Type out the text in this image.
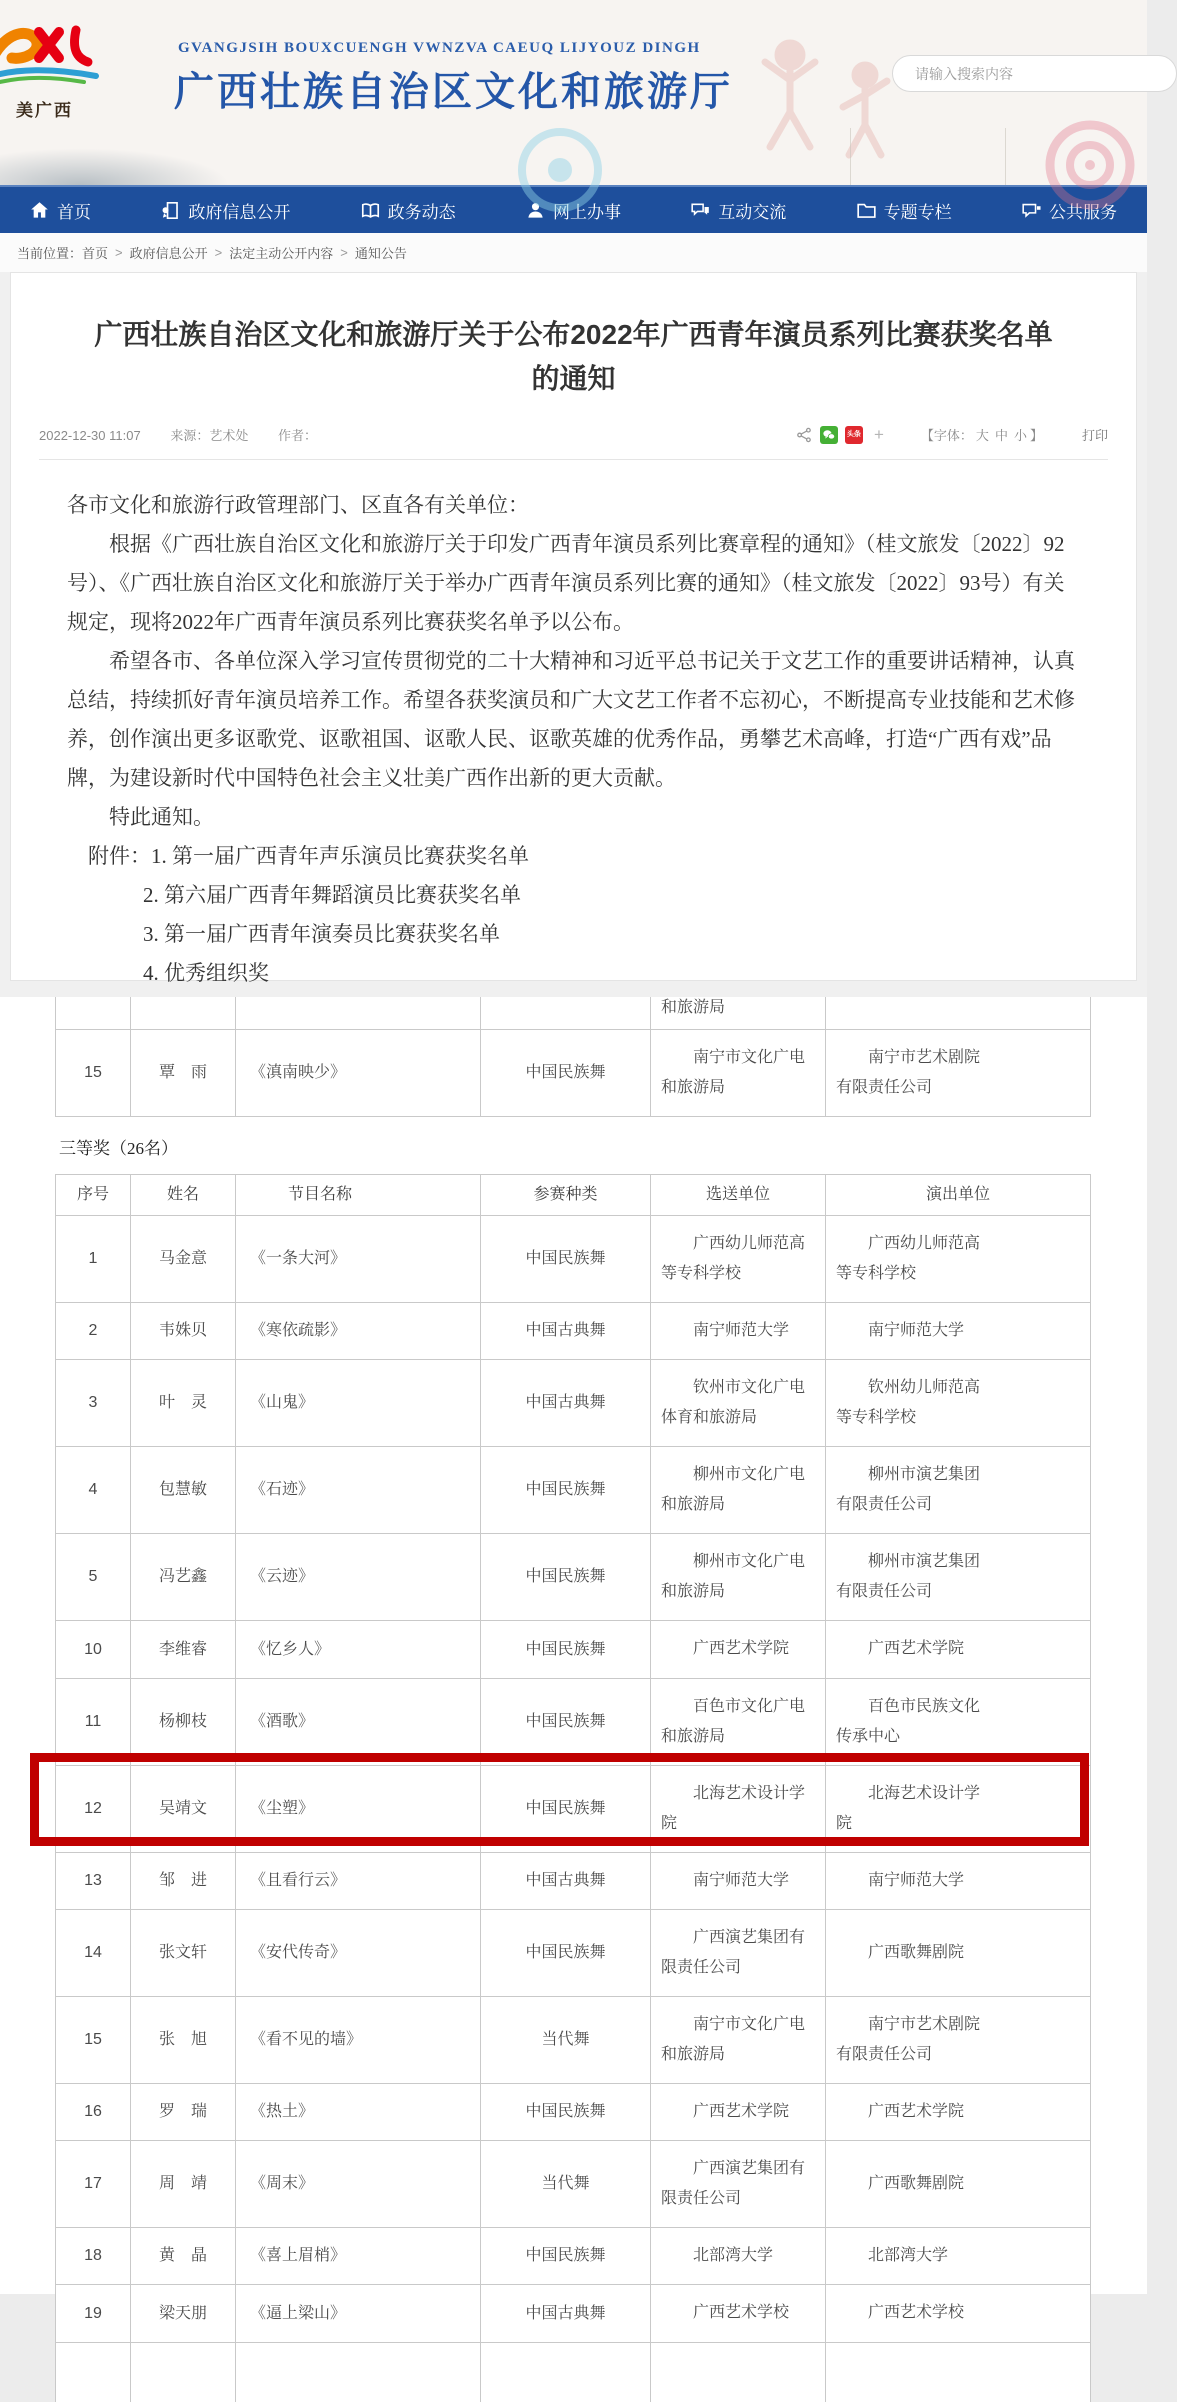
美广西
GVANGJSIH BOUXCUENGH VWNZVA CAEUQ LIJYOUZ DINGH
广西壮族自治区文化和旅游厅
请输入搜索内容
首页	政府信息公开	政务动态	网上办事	互动交流	专题专栏	公共服务
当前位置： 首页 > 政府信息公开 > 法定主动公开内容 > 通知公告
广西壮族自治区文化和旅游厅关于公布2022年广西青年演员系列比赛获奖名单的通知
2022-12-30 11:07 来源：艺术处 作者：	头条 +	【字体： 大 中 小 】	打印

各市文化和旅游行政管理部门、区直各有关单位：

根据《广西壮族自治区文化和旅游厅关于印发广西青年演员系列比赛章程的通知》（桂文旅发〔2022〕92号）、《广西壮族自治区文化和旅游厅关于举办广西青年演员系列比赛的通知》（桂文旅发〔2022〕93号）有关规定，现将2022年广西青年演员系列比赛获奖名单予以公布。

希望各市、各单位深入学习宣传贯彻党的二十大精神和习近平总书记关于文艺工作的重要讲话精神，认真总结，持续抓好青年演员培养工作。希望各获奖演员和广大文艺工作者不忘初心，不断提高专业技能和艺术修养，创作演出更多讴歌党、讴歌祖国、讴歌人民、讴歌英雄的优秀作品，勇攀艺术高峰，打造“广西有戏”品牌，为建设新时代中国特色社会主义壮美广西作出新的更大贡献。

特此通知。

附件：1. 第一届广西青年声乐演员比赛获奖名单

2. 第六届广西青年舞蹈演员比赛获奖名单

3. 第一届广西青年演奏员比赛获奖名单

4. 优秀组织奖

				和旅游局	
15	覃　雨	《滇南映少》	中国民族舞	南宁市文化广电和旅游局	南宁市艺术剧院有限责任公司
三等奖（26名）
序号	姓名	节目名称	参赛种类	选送单位	演出单位
1	马金意	《一条大河》	中国民族舞	广西幼儿师范高等专科学校	广西幼儿师范高等专科学校
2	韦姝贝	《寒依疏影》	中国古典舞	南宁师范大学	南宁师范大学
3	叶　灵	《山鬼》	中国古典舞	钦州市文化广电体育和旅游局	钦州幼儿师范高等专科学校
4	包慧敏	《石迹》	中国民族舞	柳州市文化广电和旅游局	柳州市演艺集团有限责任公司
5	冯艺鑫	《云迹》	中国民族舞	柳州市文化广电和旅游局	柳州市演艺集团有限责任公司
10	李维睿	《忆乡人》	中国民族舞	广西艺术学院	广西艺术学院
11	杨柳枝	《酒歌》	中国民族舞	百色市文化广电和旅游局	百色市民族文化传承中心
12	吴靖文	《尘塑》	中国民族舞	北海艺术设计学院	北海艺术设计学院
13	邹　进	《且看行云》	中国古典舞	南宁师范大学	南宁师范大学
14	张文轩	《安代传奇》	中国民族舞	广西演艺集团有限责任公司	广西歌舞剧院
15	张　旭	《看不见的墙》	当代舞	南宁市文化广电和旅游局	南宁市艺术剧院有限责任公司
16	罗　瑞	《热土》	中国民族舞	广西艺术学院	广西艺术学院
17	周　靖	《周末》	当代舞	广西演艺集团有限责任公司	广西歌舞剧院
18	黄　晶	《喜上眉梢》	中国民族舞	北部湾大学	北部湾大学
19	梁天朋	《逼上梁山》	中国古典舞	广西艺术学校	广西艺术学校
